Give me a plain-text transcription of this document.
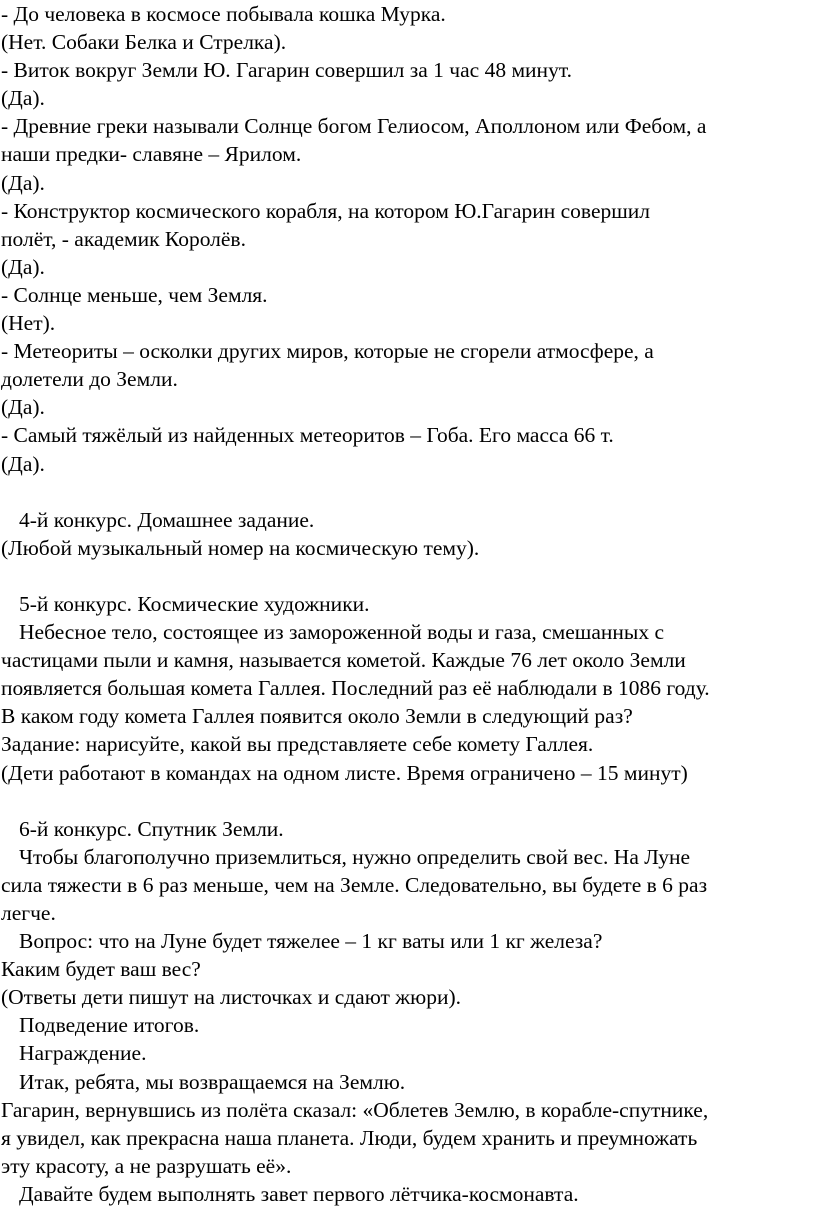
- До человека в космосе побывала кошка Мурка.
(Нет. Собаки Белка и Стрелка).
- Виток вокруг Земли Ю. Гагарин совершил за 1 час 48 минут.
(Да).
- Древние греки называли Солнце богом Гелиосом, Аполлоном или Фебом, а
наши предки- славяне – Ярилом.
(Да).
- Конструктор космического корабля, на котором Ю.Гагарин совершил
полёт, - академик Королёв.
(Да).
- Солнце меньше, чем Земля.
(Нет).
- Метеориты – осколки других миров, которые не сгорели атмосфере, а
долетели до Земли.
(Да).
- Самый тяжёлый из найденных метеоритов – Гоба. Его масса 66 т.
(Да).
4-й конкурс. Домашнее задание.
(Любой музыкальный номер на космическую тему).
5-й конкурс. Космические художники.
Небесное тело, состоящее из замороженной воды и газа, смешанных с
частицами пыли и камня, называется кометой. Каждые 76 лет около Земли
появляется большая комета Галлея. Последний раз её наблюдали в 1086 году.
В каком году комета Галлея появится около Земли в следующий раз?
Задание: нарисуйте, какой вы представляете себе комету Галлея.
(Дети работают в командах на одном листе. Время ограничено – 15 минут)
6-й конкурс. Спутник Земли.
Чтобы благополучно приземлиться, нужно определить свой вес. На Луне
сила тяжести в 6 раз меньше, чем на Земле. Следовательно, вы будете в 6 раз
легче.
Вопрос: что на Луне будет тяжелее – 1 кг ваты или 1 кг железа?
Каким будет ваш вес?
(Ответы дети пишут на листочках и сдают жюри).
Подведение итогов.
Награждение.
Итак, ребята, мы возвращаемся на Землю.
Гагарин, вернувшись из полёта сказал: «Облетев Землю, в корабле-спутнике,
я увидел, как прекрасна наша планета. Люди, будем хранить и преумножать
эту красоту, а не разрушать её».
Давайте будем выполнять завет первого лётчика-космонавта.
